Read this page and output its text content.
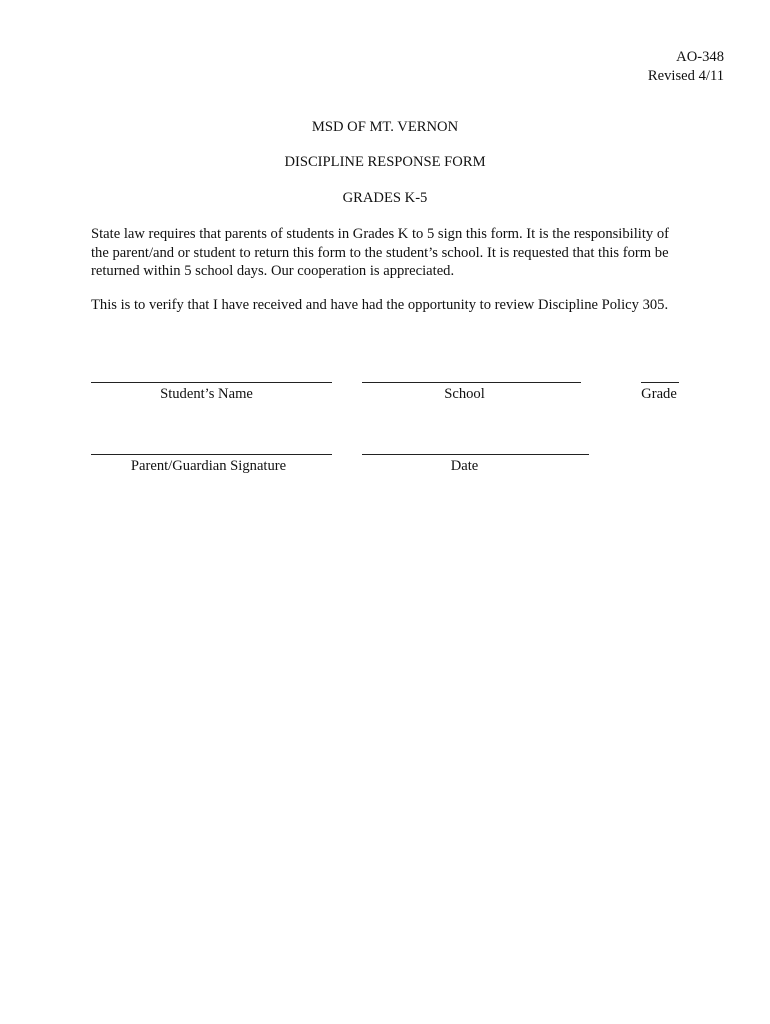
AO-348
Revised 4/11
MSD OF MT. VERNON
DISCIPLINE RESPONSE FORM
GRADES K-5

State law requires that parents of students in Grades K to 5 sign this form. It is the responsibility of the parent/and or student to return this form to the student’s school. It is requested that this form be returned within 5 school days. Our cooperation is appreciated.

This is to verify that I have received and have had the opportunity to review Discipline Policy 305.

Student’s Name	School	Grade
Parent/Guardian Signature	Date
